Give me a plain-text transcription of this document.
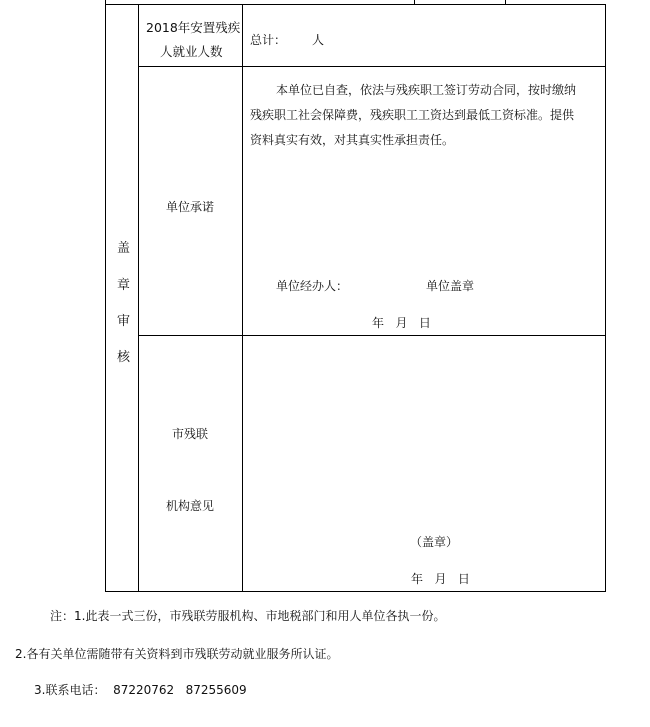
盖
章
审
核
2018年安置残疾
人就业人数
总计： 人
单位承诺
本单位已自查，依法与残疾职工签订劳动合同，按时缴纳
残疾职工社会保障费，残疾职工工资达到最低工资标准。提供
资料真实有效，对其真实性承担责任。
单位经办人：	单位盖章
年   月   日
市残联
机构意见
（盖章）
年   月   日
注：1.此表一式三份，市残联劳服机构、市地税部门和用人单位各执一份。
2.各有关单位需随带有关资料到市残联劳动就业服务所认证。
3.联系电话：  87220762   87255609
